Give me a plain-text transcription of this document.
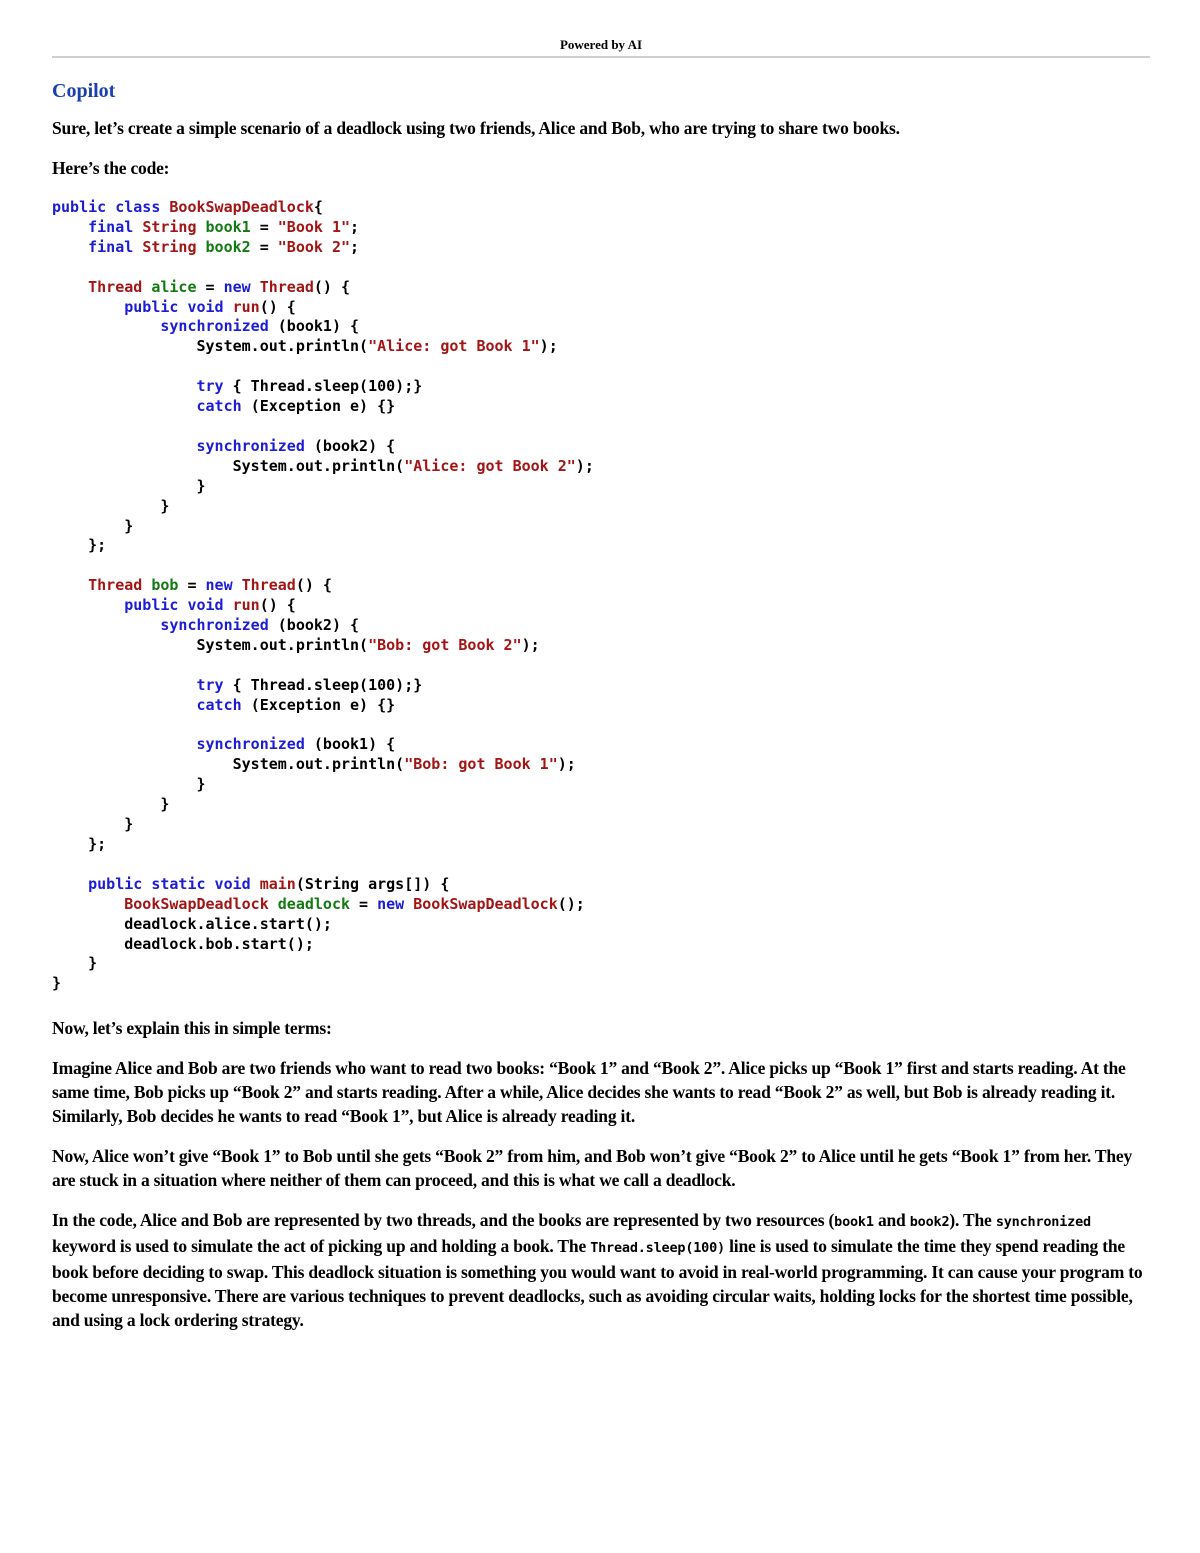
Powered by AI
Copilot

Sure, let’s create a simple scenario of a deadlock using two friends, Alice and Bob, who are trying to share two books.

Here’s the code:

public class BookSwapDeadlock{
final String book1 = "Book 1";
final String book2 = "Book 2";

Thread alice = new Thread() {
public void run() {
synchronized (book1) {
System.out.println("Alice: got Book 1");

try { Thread.sleep(100);}
catch (Exception e) {}

synchronized (book2) {
System.out.println("Alice: got Book 2");
}
}
}
};

Thread bob = new Thread() {
public void run() {
synchronized (book2) {
System.out.println("Bob: got Book 2");

try { Thread.sleep(100);}
catch (Exception e) {}

synchronized (book1) {
System.out.println("Bob: got Book 1");
}
}
}
};

public static void main(String args[]) {
BookSwapDeadlock deadlock = new BookSwapDeadlock();
deadlock.alice.start();
deadlock.bob.start();
}
}

Now, let’s explain this in simple terms:

Imagine Alice and Bob are two friends who want to read two books: “Book 1” and “Book 2”. Alice picks up “Book 1” first and starts reading. At the same time, Bob picks up “Book 2” and starts reading. After a while, Alice decides she wants to read “Book 2” as well, but Bob is already reading it. Similarly, Bob decides he wants to read “Book 1”, but Alice is already reading it.

Now, Alice won’t give “Book 1” to Bob until she gets “Book 2” from him, and Bob won’t give “Book 2” to Alice until he gets “Book 1” from her. They are stuck in a situation where neither of them can proceed, and this is what we call a deadlock.

In the code, Alice and Bob are represented by two threads, and the books are represented by two resources (book1 and book2). The synchronized keyword is used to simulate the act of picking up and holding a book. The Thread.sleep(100) line is used to simulate the time they spend reading the book before deciding to swap. This deadlock situation is something you would want to avoid in real-world programming. It can cause your program to become unresponsive. There are various techniques to prevent deadlocks, such as avoiding circular waits, holding locks for the shortest time possible, and using a lock ordering strategy.
